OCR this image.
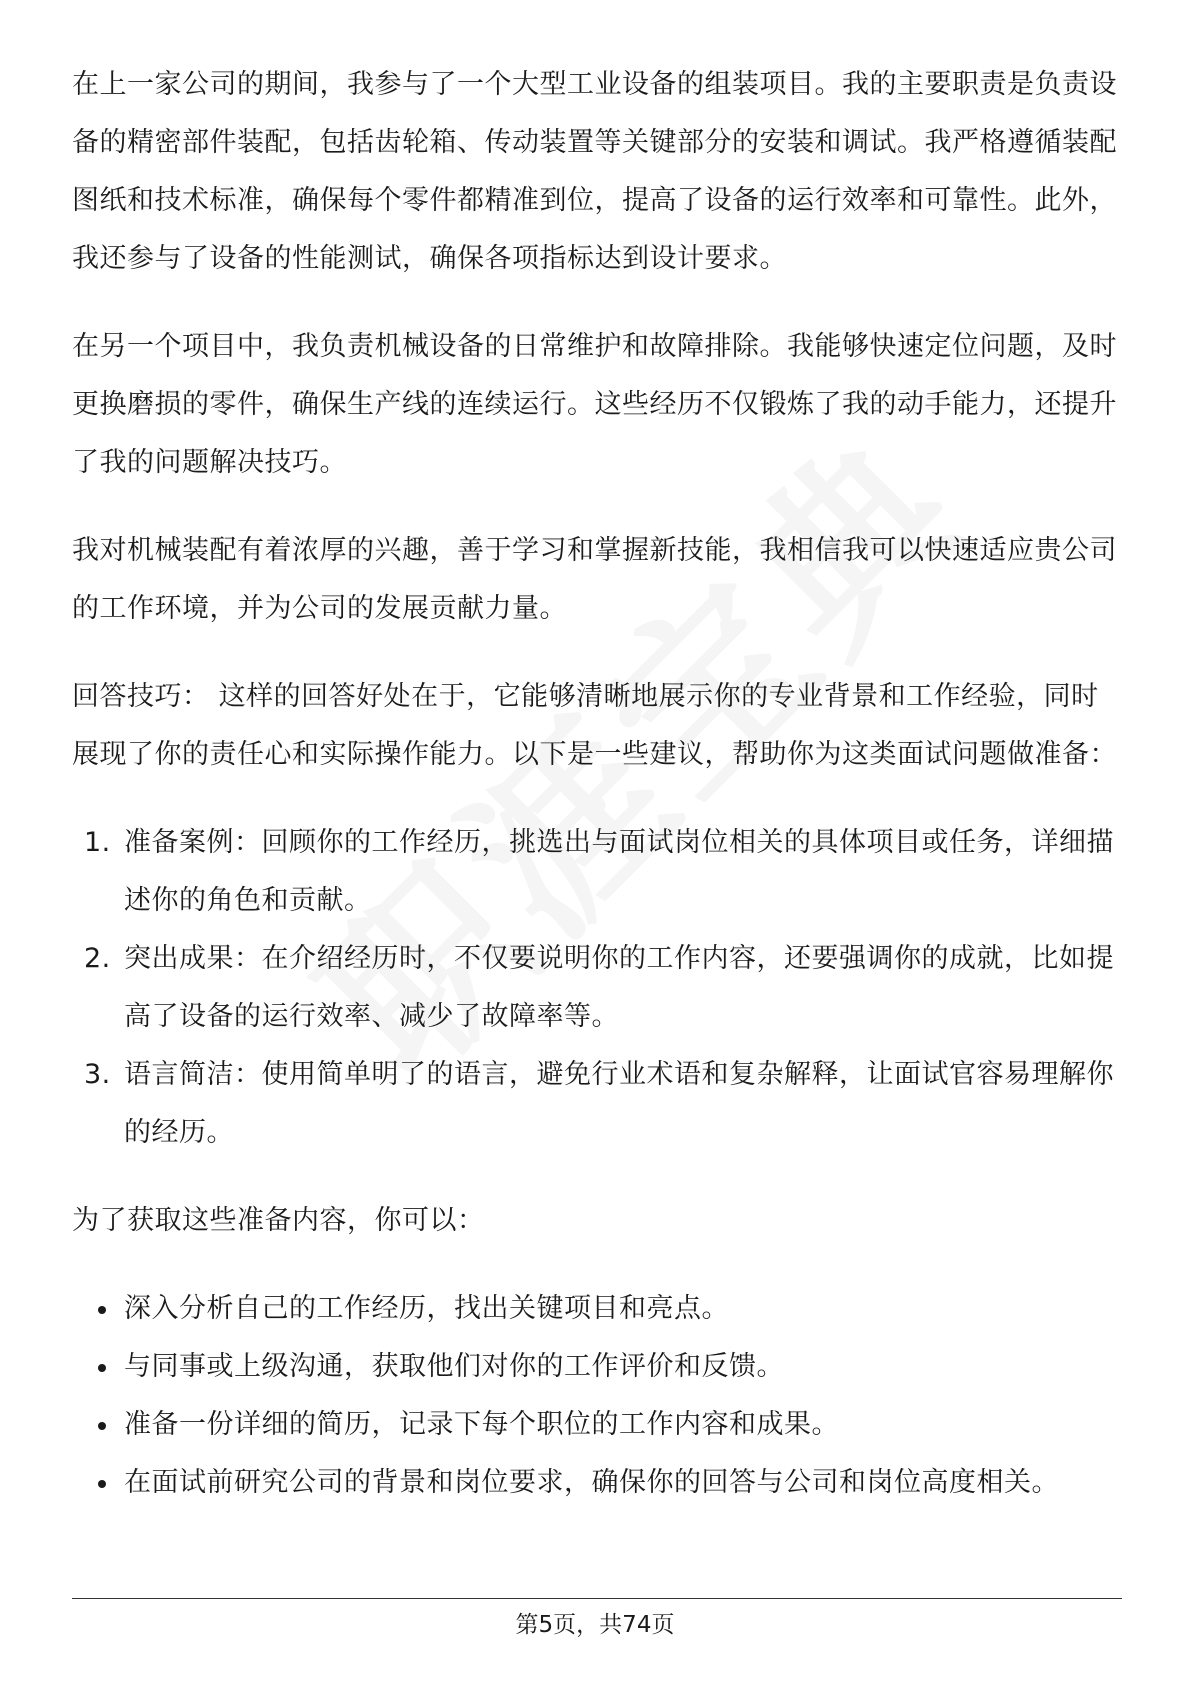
在上一家公司的期间，我参与了一个大型工业设备的组装项目。我的主要职责是负责设备的精密部件装配，包括齿轮箱、传动装置等关键部分的安装和调试。我严格遵循装配图纸和技术标准，确保每个零件都精准到位，提高了设备的运行效率和可靠性。此外，我还参与了设备的性能测试，确保各项指标达到设计要求。

在另一个项目中，我负责机械设备的日常维护和故障排除。我能够快速定位问题，及时更换磨损的零件，确保生产线的连续运行。这些经历不仅锻炼了我的动手能力，还提升了我的问题解决技巧。

我对机械装配有着浓厚的兴趣，善于学习和掌握新技能，我相信我可以快速适应贵公司的工作环境，并为公司的发展贡献力量。

回答技巧： 这样的回答好处在于，它能够清晰地展示你的专业背景和工作经验，同时展现了你的责任心和实际操作能力。以下是一些建议，帮助你为这类面试问题做准备：

1. 准备案例：回顾你的工作经历，挑选出与面试岗位相关的具体项目或任务，详细描述你的角色和贡献。
2. 突出成果：在介绍经历时，不仅要说明你的工作内容，还要强调你的成就，比如提高了设备的运行效率、减少了故障率等。
3. 语言简洁：使用简单明了的语言，避免行业术语和复杂解释，让面试官容易理解你的经历。

为了获取这些准备内容，你可以：

深入分析自己的工作经历，找出关键项目和亮点。
与同事或上级沟通，获取他们对你的工作评价和反馈。
准备一份详细的简历，记录下每个职位的工作内容和成果。
在面试前研究公司的背景和岗位要求，确保你的回答与公司和岗位高度相关。
第5页，共74页
